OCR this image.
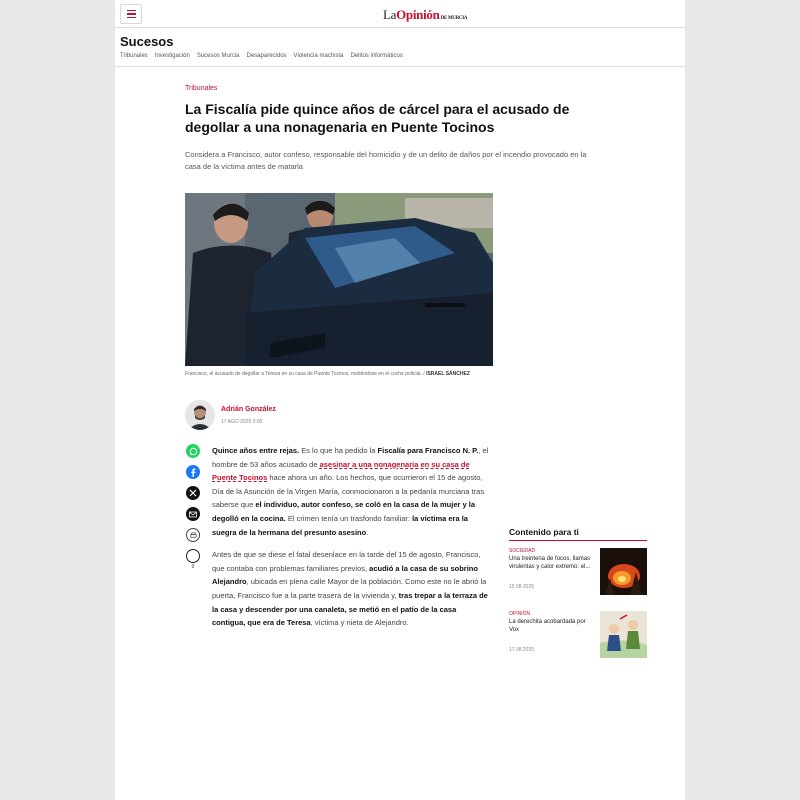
LaOpiniónDE MURCIA
Sucesos
Tribunales Investigación Sucesos Murcia Desaparecidos Violencia machista Delitos informáticos
Tribunales
La Fiscalía pide quince años de cárcel para el acusado de degollar a una nonagenaria en Puente Tocinos
Considera a Francisco, autor confeso, responsable del homicidio y de un delito de daños por el incendio provocado en la casa de la víctima antes de matarla
Francisco, el acusado de degollar a Teresa en su casa de Puente Tocinos, metiéndose en el coche policial. / ISRAEL SÁNCHEZ
Adrián González
17 AGO 2025 0:00
0

Quince años entre rejas. Es lo que ha pedido la Fiscalía para Francisco N. P., el hombre de 53 años acusado de asesinar a una nonagenaria en su casa de Puente Tocinos hace ahora un año. Los hechos, que ocurrieron el 15 de agosto, Día de la Asunción de la Virgen María, conmocionaron a la pedanía murciana tras saberse que el individuo, autor confeso, se coló en la casa de la mujer y la degolló en la cocina. El crimen tenía un trasfondo familiar: la víctima era la suegra de la hermana del presunto asesino.

Antes de que se diese el fatal desenlace en la tarde del 15 de agosto, Francisco, que contaba con problemas familiares previos, acudió a la casa de su sobrino Alejandro, ubicada en plena calle Mayor de la población. Como este no le abrió la puerta, Francisco fue a la parte trasera de la vivienda y, tras trepar a la terraza de la casa y descender por una canaleta, se metió en el patio de la casa contigua, que era de Teresa, víctima y nieta de Alejandro.

Contenido para ti
SOCIEDAD
Una treintena de focos, llamas virulentas y calor extremo: el...
15 08 2025
OPINIÓN
La derechita acobardada por Vox
17 08 2025
